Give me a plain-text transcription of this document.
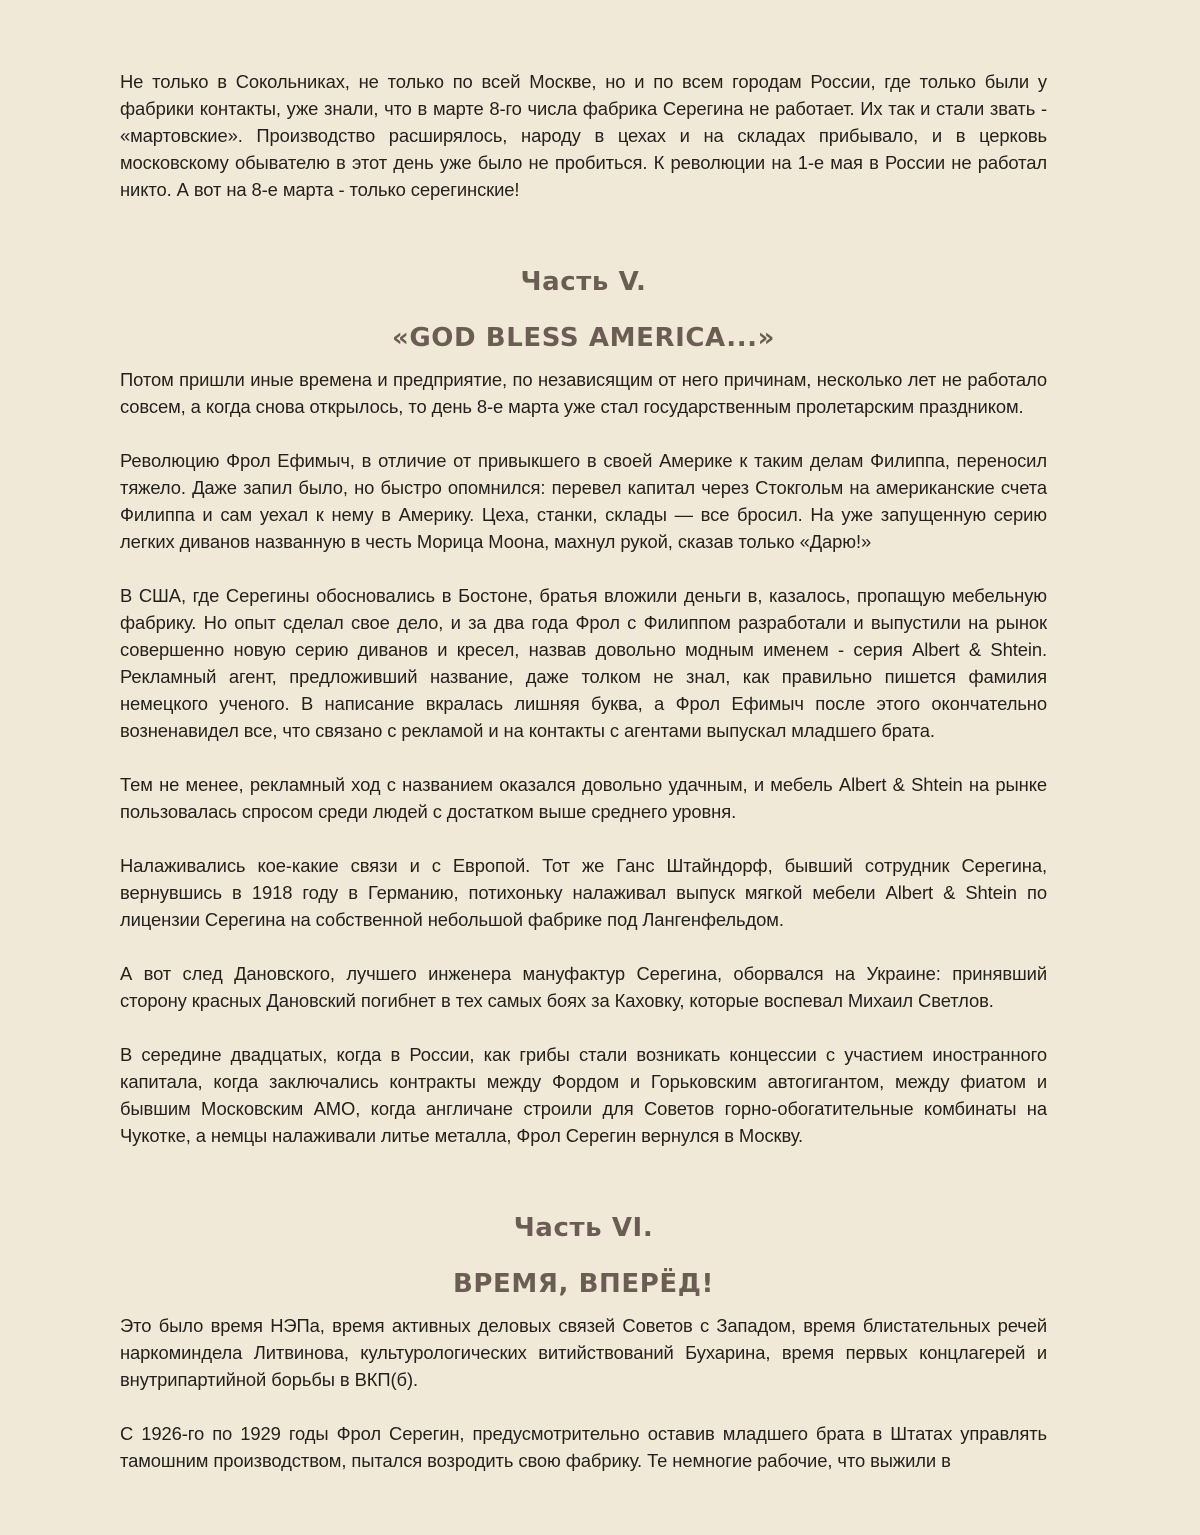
Не только в Сокольниках, не только по всей Москве, но и по всем городам России, где только были у фабрики контакты, уже знали, что в марте 8-го числа фабрика Серегина не работает. Их так и стали звать - «мартовские». Производство расширялось, народу в цехах и на складах прибывало, и в церковь московскому обывателю в этот день уже было не пробиться. К революции на 1-е мая в России не работал никто. А вот на 8-е марта - только серегинские!

Часть V.
«GOD BLESS AMERICA...»

Потом пришли иные времена и предприятие, по независящим от него причинам, несколько лет не работало совсем, а когда снова открылось, то день 8-е марта уже стал государственным пролетарским праздником.

Революцию Фрол Ефимыч, в отличие от привыкшего в своей Америке к таким делам Филиппа, переносил тяжело. Даже запил было, но быстро опомнился: перевел капитал через Стокгольм на американские счета Филиппа и сам уехал к нему в Америку. Цеха, станки, склады — все бросил. На уже запущенную серию легких диванов названную в честь Морица Моона, махнул рукой, сказав только «Дарю!»

В США, где Серегины обосновались в Бостоне, братья вложили деньги в, казалось, пропащую мебельную фабрику. Но опыт сделал свое дело, и за два года Фрол с Филиппом разработали и выпустили на рынок совершенно новую серию диванов и кресел, назвав довольно модным именем - серия Albert & Shtein. Рекламный агент, предложивший название, даже толком не знал, как правильно пишется фамилия немецкого ученого. В написание вкралась лишняя буква, а Фрол Ефимыч после этого окончательно возненавидел все, что связано с рекламой и на контакты с агентами выпускал младшего брата.

Тем не менее, рекламный ход с названием оказался довольно удачным, и мебель Albert & Shtein на рынке пользовалась спросом среди людей с достатком выше среднего уровня.

Налаживались кое-какие связи и с Европой. Тот же Ганс Штайндорф, бывший сотрудник Серегина, вернувшись в 1918 году в Германию, потихоньку налаживал выпуск мягкой мебели Albert & Shtein по лицензии Серегина на собственной небольшой фабрике под Лангенфельдом.

А вот след Дановского, лучшего инженера мануфактур Серегина, оборвался на Украине: принявший сторону красных Дановский погибнет в тех самых боях за Каховку, которые воспевал Михаил Светлов.

В середине двадцатых, когда в России, как грибы стали возникать концессии с участием иностранного капитала, когда заключались контракты между Фордом и Горьковским автогигантом, между фиатом и бывшим Московским АМО, когда англичане строили для Советов горно-обогатительные комбинаты на Чукотке, а немцы налаживали литье металла, Фрол Серегин вернулся в Москву.

Часть VI.
ВРЕМЯ, ВПЕРЁД!

Это было время НЭПа, время активных деловых связей Советов с Западом, время блистательных речей наркоминдела Литвинова, культурологических витийствований Бухарина, время первых концлагерей и внутрипартийной борьбы в ВКП(б).

С 1926-го по 1929 годы Фрол Серегин, предусмотрительно оставив младшего брата в Штатах управлять тамошним производством, пытался возродить свою фабрику. Те немногие рабочие, что выжили в
